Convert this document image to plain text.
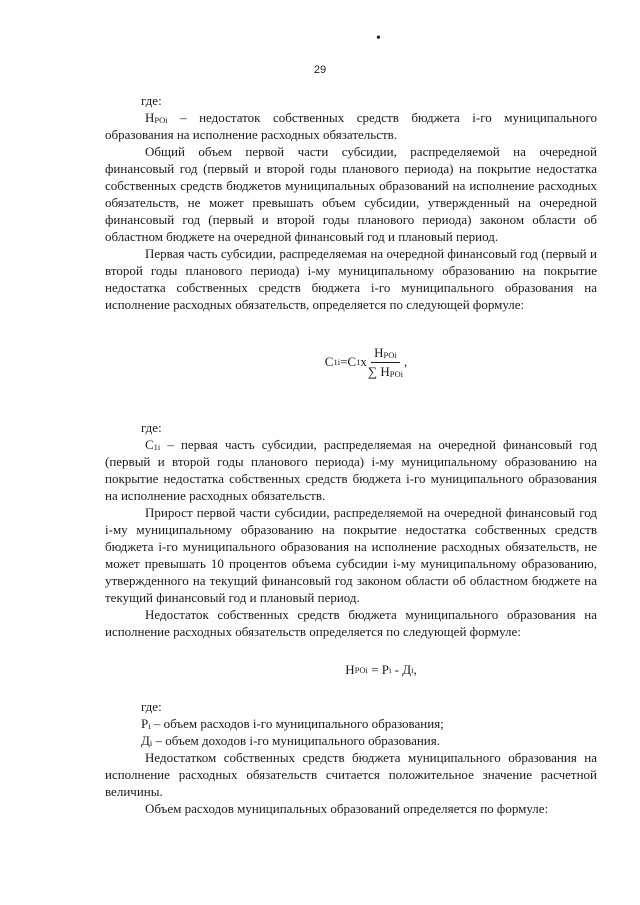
•
29

где:

$H_{POi}$ – недостаток собственных средств бюджета i-го муниципального образования на исполнение расходных обязательств.

Общий объем первой части субсидии, распределяемой на очередной финансовый год (первый и второй годы планового периода) на покрытие недостатка собственных средств бюджетов муниципальных образований на исполнение расходных обязательств, не может превышать объем субсидии, утвержденный на очередной финансовый год (первый и второй годы планового периода) законом области об областном бюджете на очередной финансовый год и плановый период.

Первая часть субсидии, распределяемая на очередной финансовый год (первый и второй годы планового периода) i-му муниципальному образованию на покрытие недостатка собственных средств бюджета i-го муниципального образования на исполнение расходных обязательств, определяется по следующей формуле:

C 1i = C 1 x $\frac{H_{POi}}{\sum H_{POi}}$ ,

где:

$C_{1i}$ – первая часть субсидии, распределяемая на очередной финансовый год (первый и второй годы планового периода) i-му муниципальному образованию на покрытие недостатка собственных средств бюджета i-го муниципального образования на исполнение расходных обязательств.

Прирост первой части субсидии, распределяемой на очередной финансовый год i-му муниципальному образованию на покрытие недостатка собственных средств бюджета i-го муниципального образования на исполнение расходных обязательств, не может превышать 10 процентов объема субсидии i-му муниципальному образованию, утвержденного на текущий финансовый год законом области об областном бюджете на текущий финансовый год и плановый период.

Недостаток собственных средств бюджета муниципального образования на исполнение расходных обязательств определяется по следующей формуле:

H POi = P i - Д i ,

где:

$P_i$ – объем расходов i-го муниципального образования;

$Д_i$ – объем доходов i-го муниципального образования.

Недостатком собственных средств бюджета муниципального образования на исполнение расходных обязательств считается положительное значение расчетной величины.

Объем расходов муниципальных образований определяется по формуле:
